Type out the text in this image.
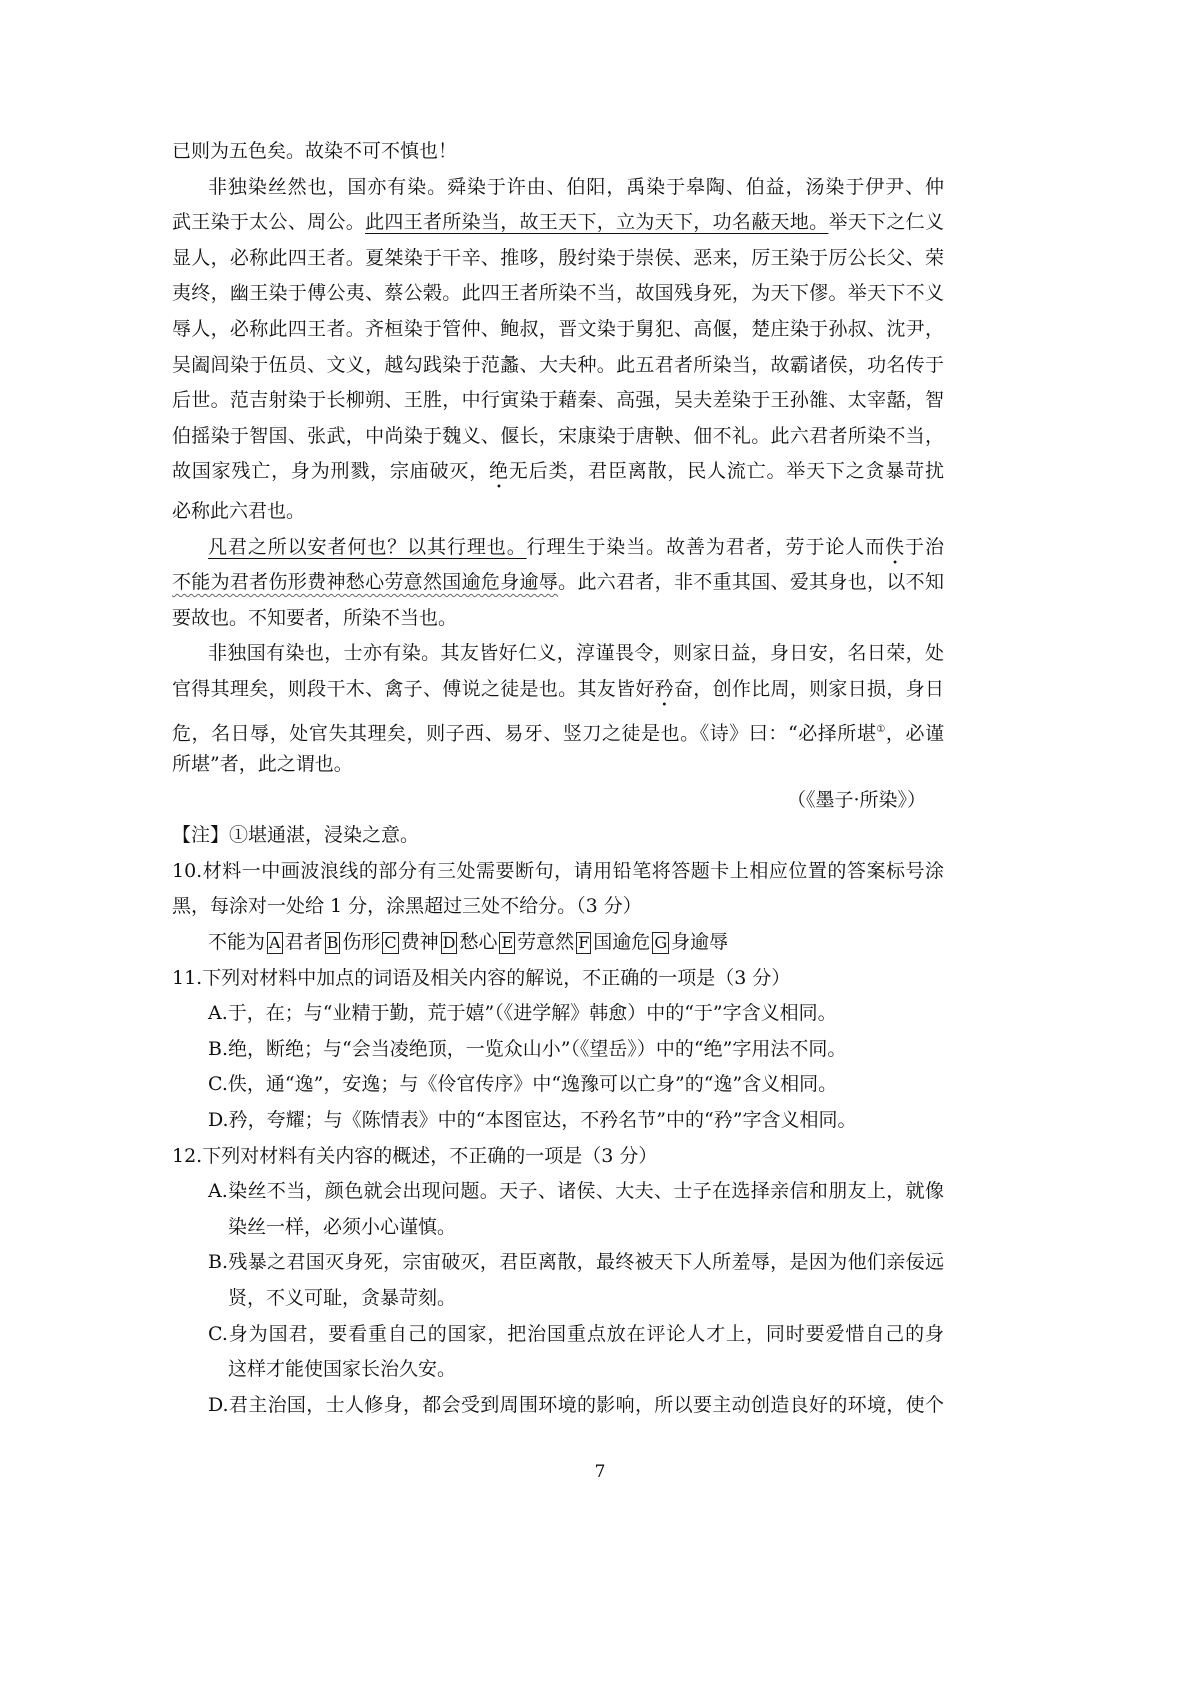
已则为五色矣。故染不可不慎也！
非独染丝然也，国亦有染。舜染于许由、伯阳，禹染于皋陶、伯益，汤染于伊尹、仲
武王染于太公、周公。此四王者所染当，故王天下，立为天下，功名蔽天地。举天下之仁义
显人，必称此四王者。夏桀染于干辛、推哆，殷纣染于崇侯、恶来，厉王染于厉公长父、荣
夷终，幽王染于傅公夷、蔡公榖。此四王者所染不当，故国残身死，为天下僇。举天下不义
辱人，必称此四王者。齐桓染于管仲、鲍叔，晋文染于舅犯、高偃，楚庄染于孙叔、沈尹，
吴阖闾染于伍员、文义，越勾践染于范蠡、大夫种。此五君者所染当，故霸诸侯，功名传于
后世。范吉射染于长柳朔、王胜，中行寅染于藉秦、高强，吴夫差染于王孙雒、太宰嚭，智
伯摇染于智国、张武，中尚染于魏义、偃长，宋康染于唐鞅、佃不礼。此六君者所染不当，
故国家残亡，身为刑戮，宗庙破灭，绝无后类，君臣离散，民人流亡。举天下之贪暴苛扰
必称此六君也。
凡君之所以安者何也？以其行理也。行理生于染当。故善为君者，劳于论人而佚于治
不能为君者伤形费神愁心劳意然国逾危身逾辱。此六君者，非不重其国、爱其身也，以不知
要故也。不知要者，所染不当也。
非独国有染也，士亦有染。其友皆好仁义，淳谨畏令，则家日益，身日安，名日荣，处
官得其理矣，则段干木、禽子、傅说之徒是也。其友皆好矜奋，创作比周，则家日损，身日
危，名日辱，处官失其理矣，则子西、易牙、竖刀之徒是也。《诗》曰：“必择所堪①，必谨
所堪”者，此之谓也。
（《墨子·所染》）
【注】①堪通湛，浸染之意。
10.材料一中画波浪线的部分有三处需要断句，请用铅笔将答题卡上相应位置的答案标号涂
黑，每涂对一处给 1 分，涂黑超过三处不给分。（3 分）
不能为 A 君者 B 伤形 C 费神 D 愁心 E 劳意然 F 国逾危 G 身逾辱
11.下列对材料中加点的词语及相关内容的解说，不正确的一项是（3 分）
A.于，在；与“业精于勤，荒于嬉”（《进学解》韩愈）中的“于”字含义相同。
B.绝，断绝；与“会当凌绝顶，一览众山小”（《望岳》）中的“绝”字用法不同。
C.佚，通“逸”，安逸；与《伶官传序》中“逸豫可以亡身”的“逸”含义相同。
D.矜，夸耀；与《陈情表》中的“本图宦达，不矜名节”中的“矜”字含义相同。
12.下列对材料有关内容的概述，不正确的一项是（3 分）
A.染丝不当，颜色就会出现问题。天子、诸侯、大夫、士子在选择亲信和朋友上，就像
染丝一样，必须小心谨慎。
B.残暴之君国灭身死，宗宙破灭，君臣离散，最终被天下人所羞辱，是因为他们亲佞远
贤，不义可耻，贪暴苛刻。
C.身为国君，要看重自己的国家，把治国重点放在评论人才上，同时要爱惜自己的身
这样才能使国家长治久安。
D.君主治国，士人修身，都会受到周围环境的影响，所以要主动创造良好的环境，使个
7
